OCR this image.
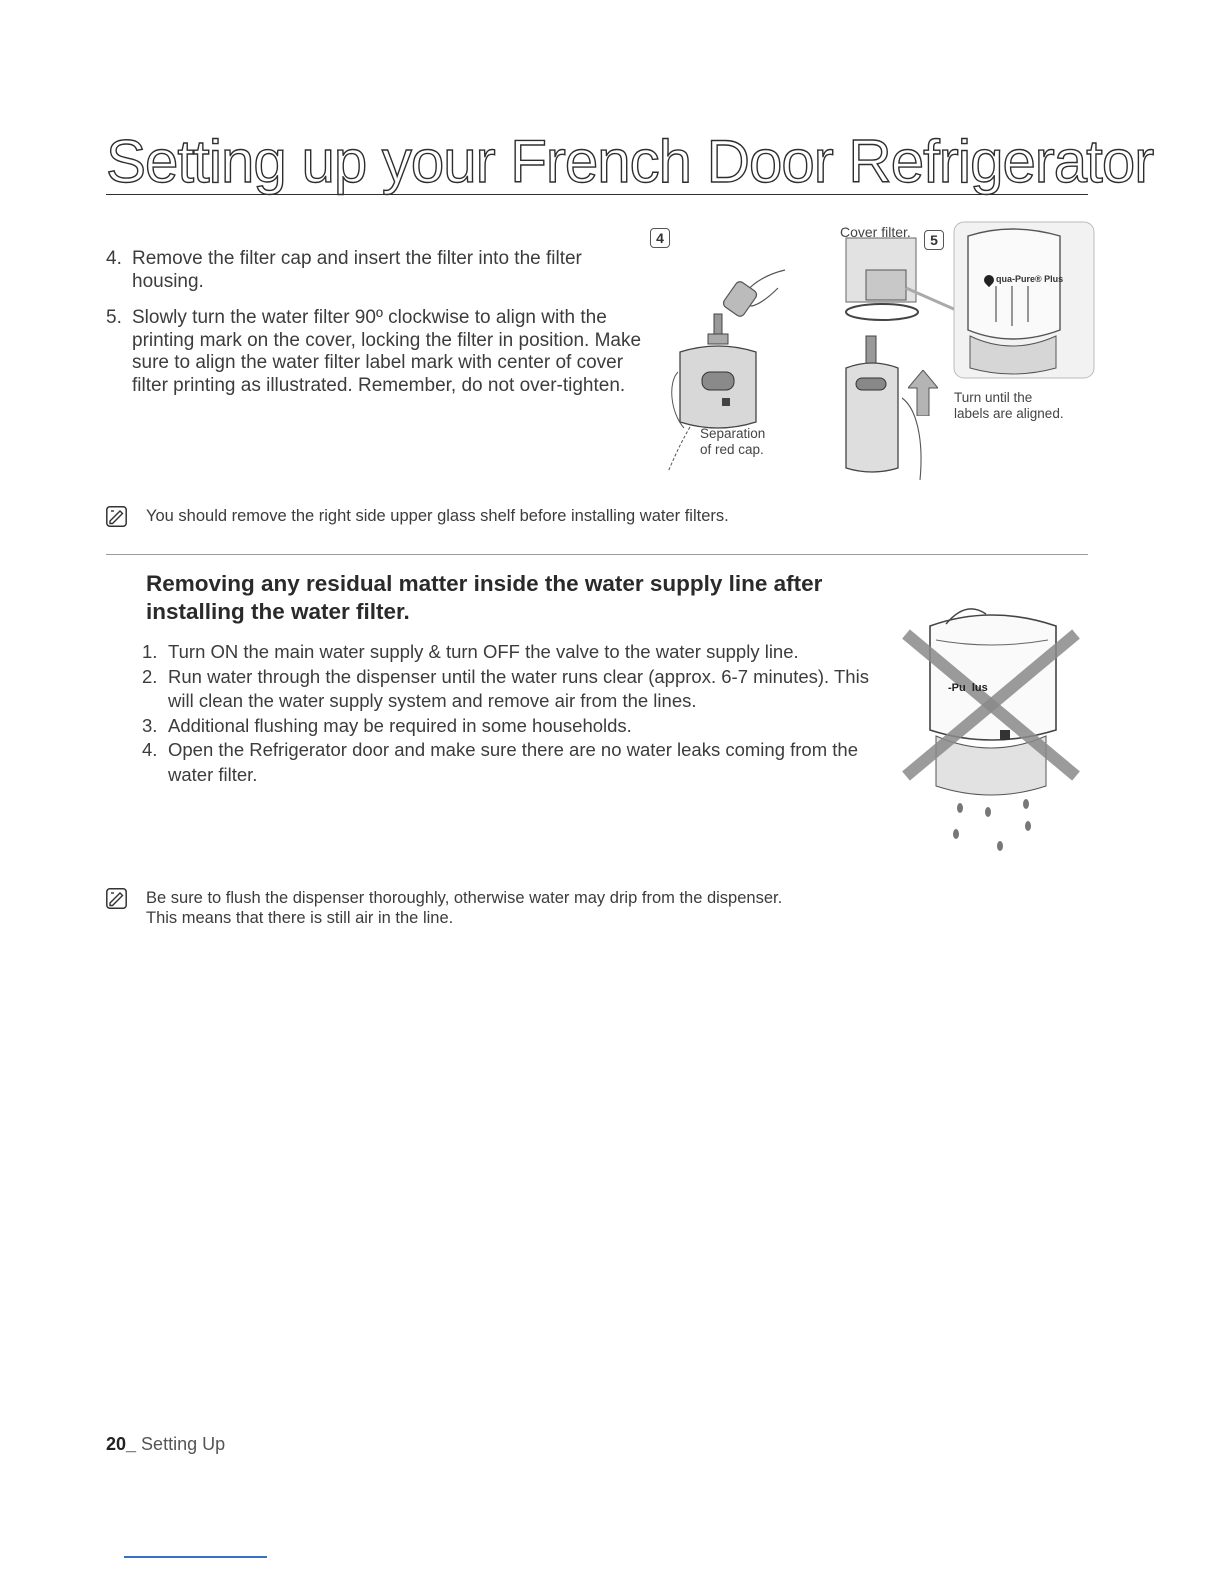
Setting up your French Door Refrigerator
4. Remove the filter cap and insert the filter into the filter housing.
5. Slowly turn the water filter 90º clockwise to align with the printing mark on the cover, locking the filter in position. Make sure to align the water filter label mark with center of cover filter printing as illustrated. Remember, do not over-tighten.
4
Separation
of red cap.
Cover filter.	5
qua-Pure® Plus
Turn until the
labels are aligned.
You should remove the right side upper glass shelf before installing water filters.
Removing any residual matter inside the water supply line after installing the water filter.
1. Turn ON the main water supply & turn OFF the valve to the water supply line.
2. Run water through the dispenser until the water runs clear (approx. 6-7 minutes). This will clean the water supply system and remove air from the lines.
3. Additional flushing may be required in some households.
4. Open the Refrigerator door and make sure there are no water leaks coming from the water filter.
-Pu  lus
Be sure to flush the dispenser thoroughly, otherwise water may drip from the dispenser.
This means that there is still air in the line.
20_ Setting Up
